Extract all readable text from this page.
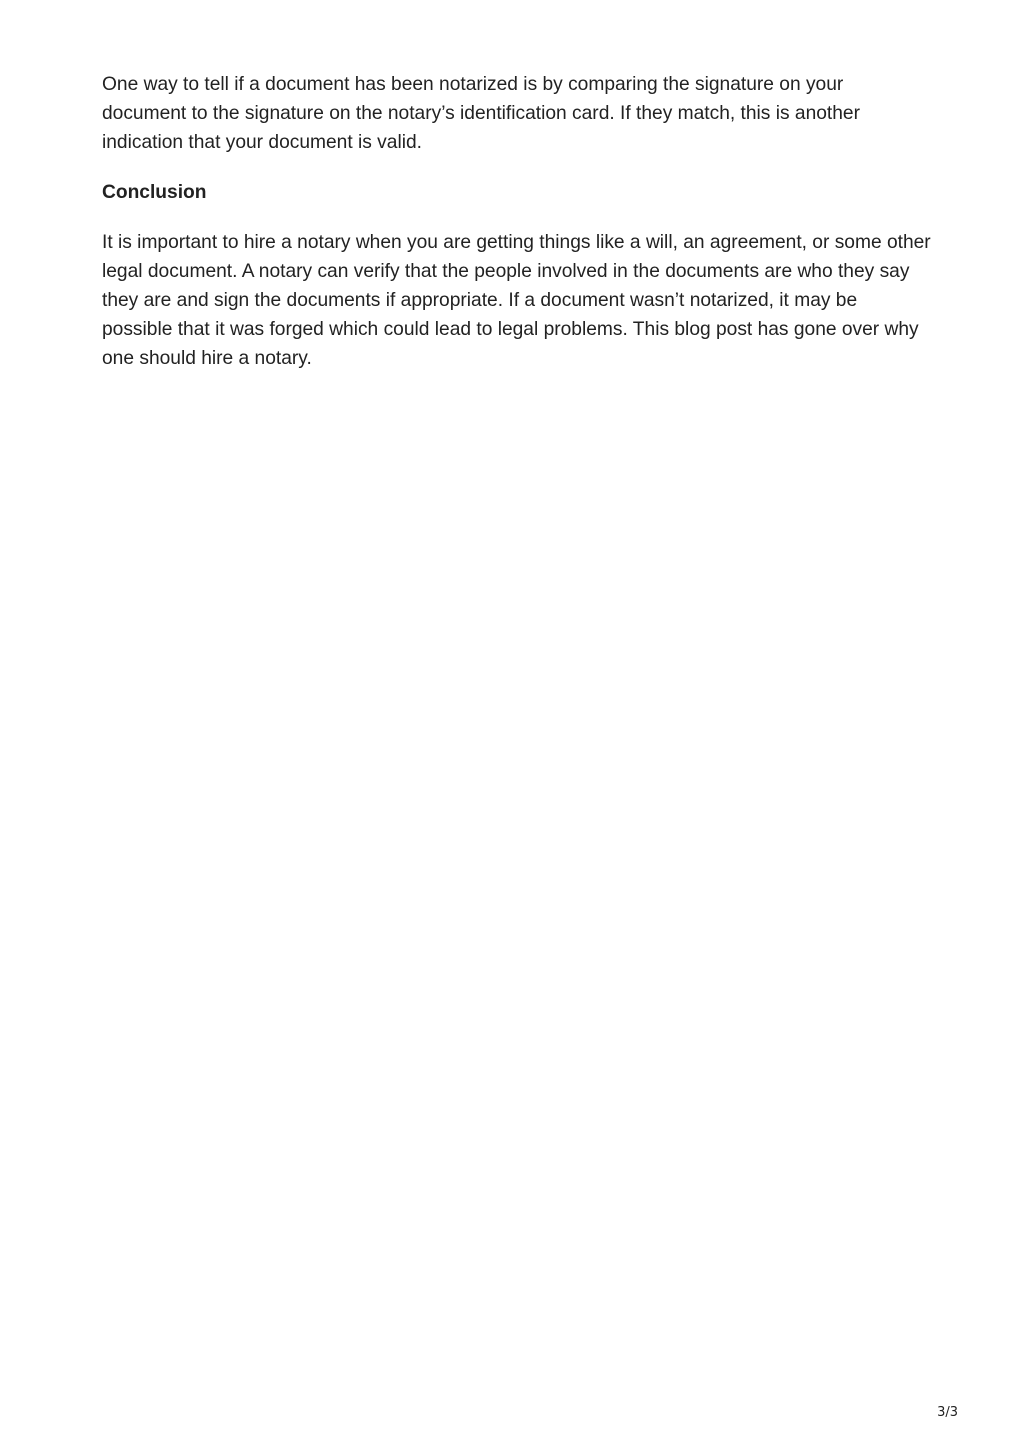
One way to tell if a document has been notarized is by comparing the signature on your document to the signature on the notary’s identification card. If they match, this is another indication that your document is valid.

Conclusion

It is important to hire a notary when you are getting things like a will, an agreement, or some other legal document. A notary can verify that the people involved in the documents are who they say they are and sign the documents if appropriate. If a document wasn’t notarized, it may be possible that it was forged which could lead to legal problems. This blog post has gone over why one should hire a notary.

3/3
